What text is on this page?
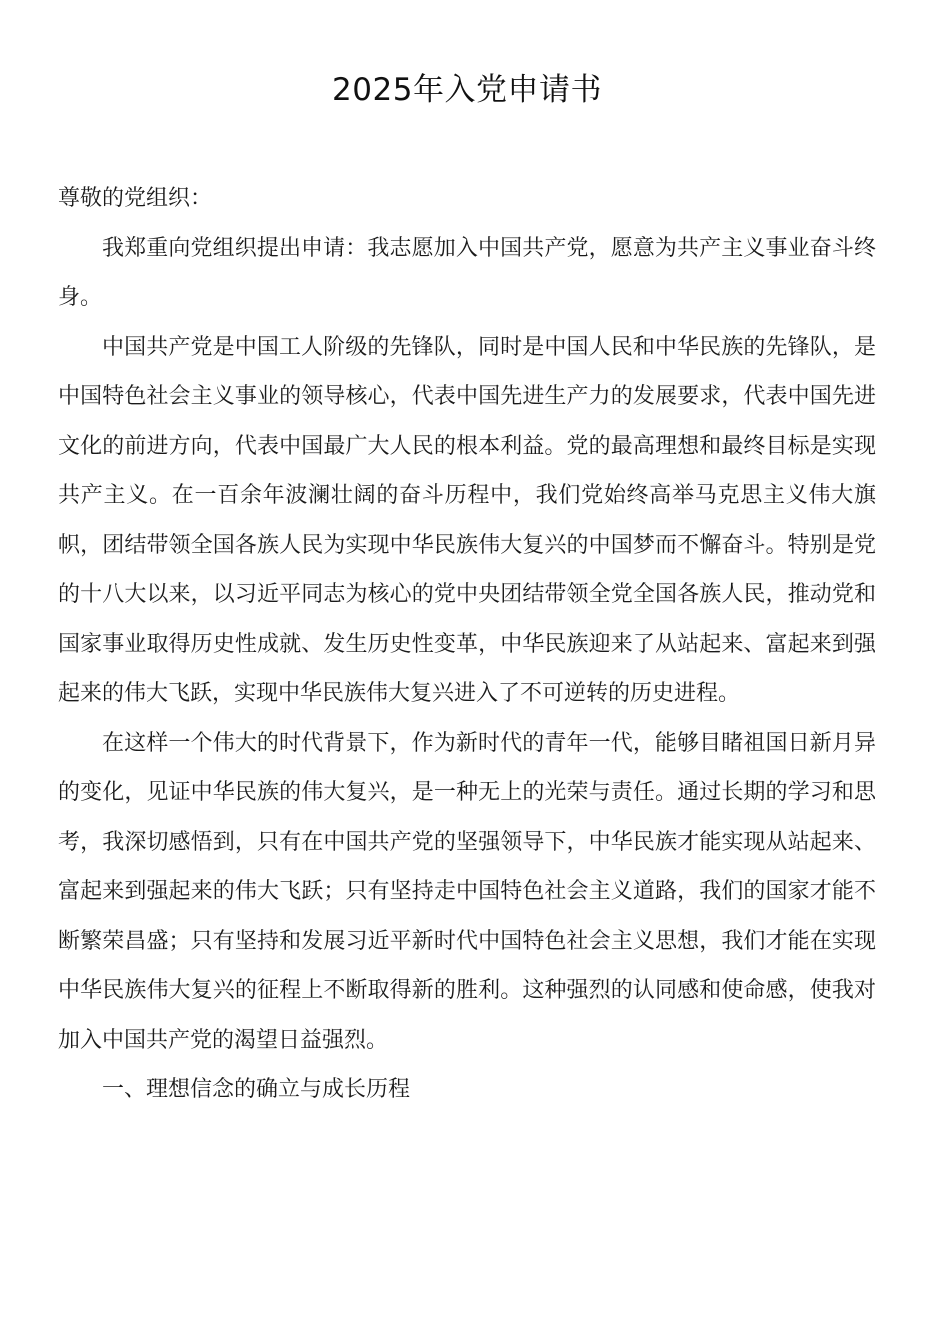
2025年入党申请书
尊敬的党组织：

我郑重向党组织提出申请：我志愿加入中国共产党，愿意为共产主义事业奋斗终身。

中国共产党是中国工人阶级的先锋队，同时是中国人民和中华民族的先锋队，是中国特色社会主义事业的领导核心，代表中国先进生产力的发展要求，代表中国先进文化的前进方向，代表中国最广大人民的根本利益。党的最高理想和最终目标是实现共产主义。在一百余年波澜壮阔的奋斗历程中，我们党始终高举马克思主义伟大旗帜，团结带领全国各族人民为实现中华民族伟大复兴的中国梦而不懈奋斗。特别是党的十八大以来，以习近平同志为核心的党中央团结带领全党全国各族人民，推动党和国家事业取得历史性成就、发生历史性变革，中华民族迎来了从站起来、富起来到强起来的伟大飞跃，实现中华民族伟大复兴进入了不可逆转的历史进程。

在这样一个伟大的时代背景下，作为新时代的青年一代，能够目睹祖国日新月异的变化，见证中华民族的伟大复兴，是一种无上的光荣与责任。通过长期的学习和思考，我深切感悟到，只有在中国共产党的坚强领导下，中华民族才能实现从站起来、富起来到强起来的伟大飞跃；只有坚持走中国特色社会主义道路，我们的国家才能不断繁荣昌盛；只有坚持和发展习近平新时代中国特色社会主义思想，我们才能在实现中华民族伟大复兴的征程上不断取得新的胜利。这种强烈的认同感和使命感，使我对加入中国共产党的渴望日益强烈。

一、理想信念的确立与成长历程
